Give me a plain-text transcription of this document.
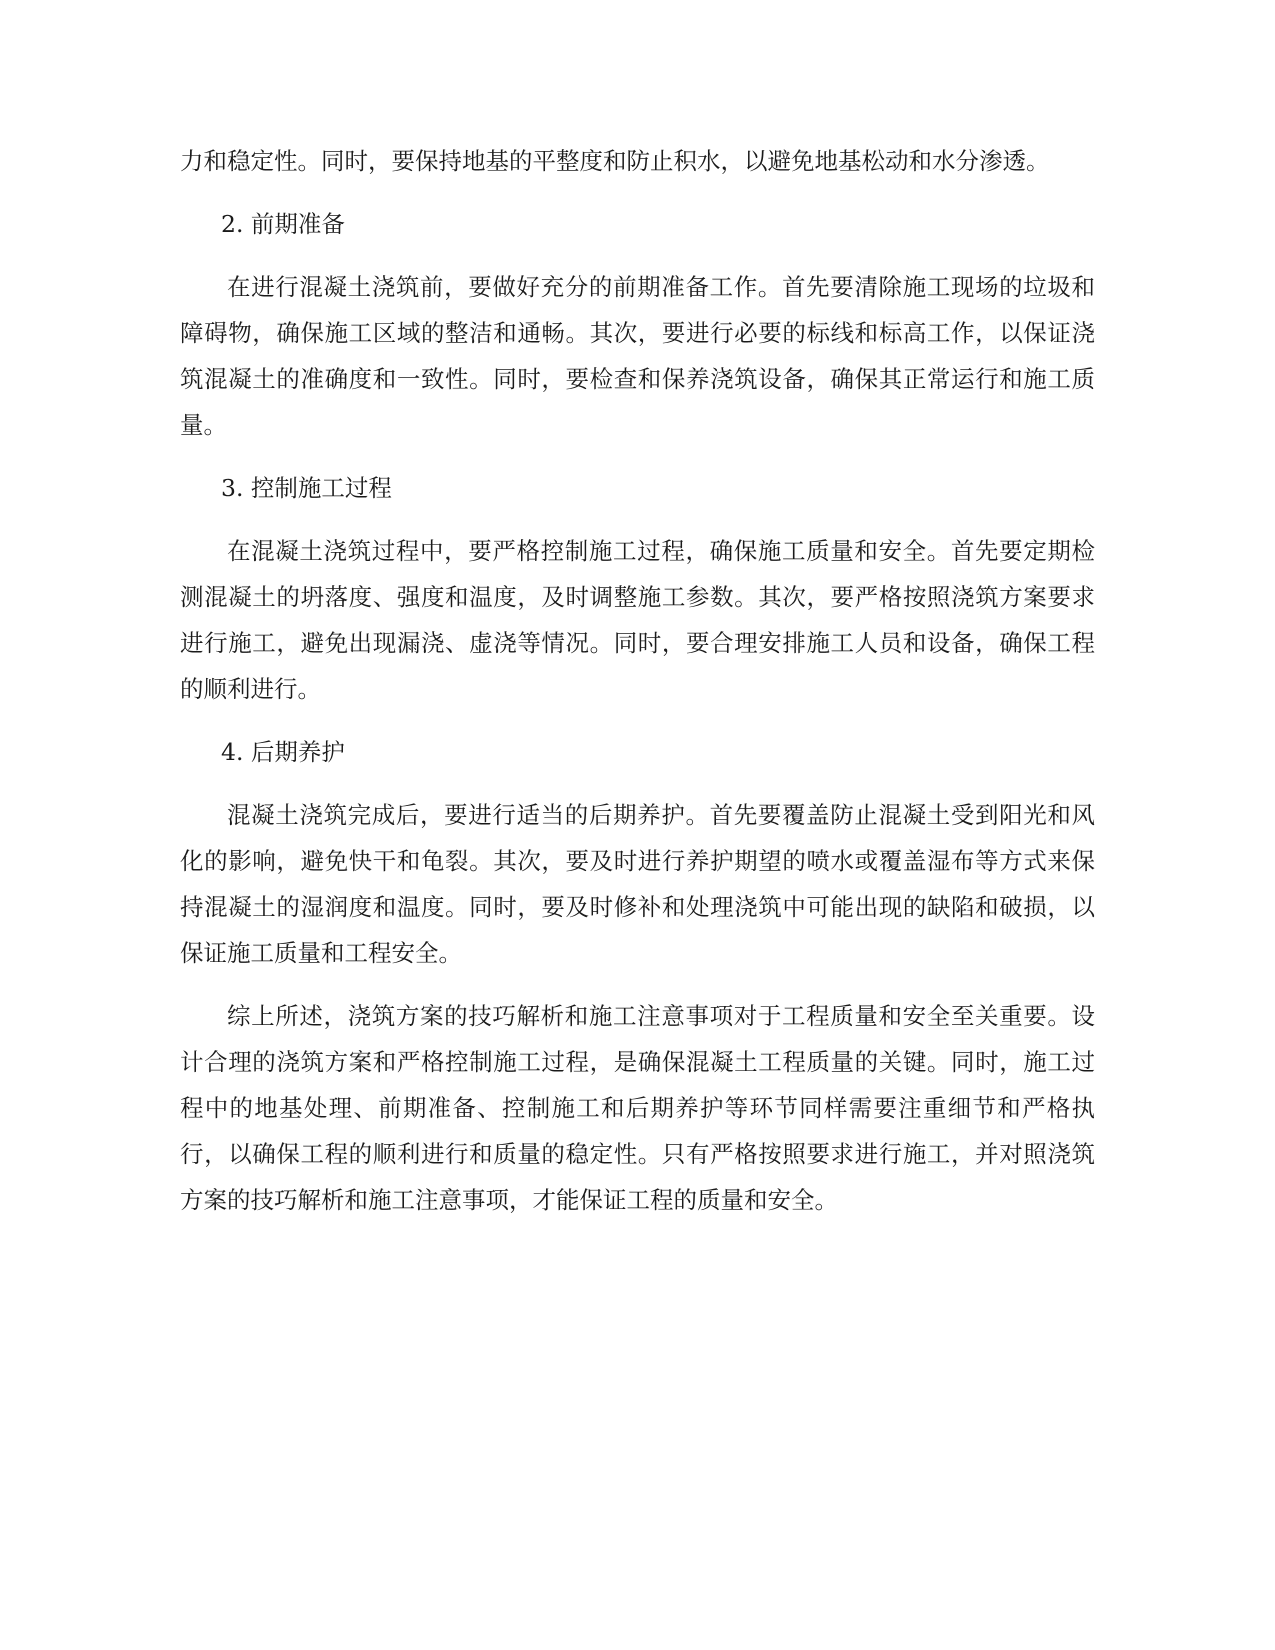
力和稳定性。同时，要保持地基的平整度和防止积水，以避免地基松动和水分渗透。

2. 前期准备

在进行混凝土浇筑前，要做好充分的前期准备工作。首先要清除施工现场的垃圾和障碍物，确保施工区域的整洁和通畅。其次，要进行必要的标线和标高工作，以保证浇筑混凝土的准确度和一致性。同时，要检查和保养浇筑设备，确保其正常运行和施工质量。

3. 控制施工过程

在混凝土浇筑过程中，要严格控制施工过程，确保施工质量和安全。首先要定期检测混凝土的坍落度、强度和温度，及时调整施工参数。其次，要严格按照浇筑方案要求进行施工，避免出现漏浇、虚浇等情况。同时，要合理安排施工人员和设备，确保工程的顺利进行。

4. 后期养护

混凝土浇筑完成后，要进行适当的后期养护。首先要覆盖防止混凝土受到阳光和风化的影响，避免快干和龟裂。其次，要及时进行养护期望的喷水或覆盖湿布等方式来保持混凝土的湿润度和温度。同时，要及时修补和处理浇筑中可能出现的缺陷和破损，以保证施工质量和工程安全。

综上所述，浇筑方案的技巧解析和施工注意事项对于工程质量和安全至关重要。设计合理的浇筑方案和严格控制施工过程，是确保混凝土工程质量的关键。同时，施工过程中的地基处理、前期准备、控制施工和后期养护等环节同样需要注重细节和严格执行，以确保工程的顺利进行和质量的稳定性。只有严格按照要求进行施工，并对照浇筑方案的技巧解析和施工注意事项，才能保证工程的质量和安全。
